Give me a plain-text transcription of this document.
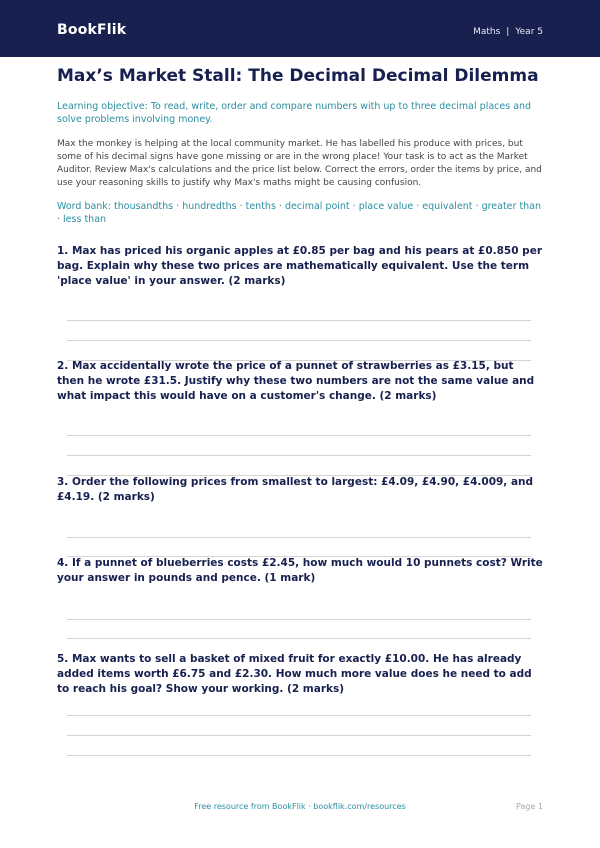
BookFlik	Maths | Year 5
Max’s Market Stall: The Decimal Decimal Dilemma
Learning objective: To read, write, order and compare numbers with up to three decimal places and solve problems involving money.
Max the monkey is helping at the local community market. He has labelled his produce with prices, but some of his decimal signs have gone missing or are in the wrong place! Your task is to act as the Market Auditor. Review Max's calculations and the price list below. Correct the errors, order the items by price, and use your reasoning skills to justify why Max's maths might be causing confusion.
Word bank: thousandths · hundredths · tenths · decimal point · place value · equivalent · greater than · less than
1. Max has priced his organic apples at £0.85 per bag and his pears at £0.850 per bag. Explain why these two prices are mathematically equivalent. Use the term 'place value' in your answer. (2 marks)
2. Max accidentally wrote the price of a punnet of strawberries as £3.15, but then he wrote £31.5. Justify why these two numbers are not the same value and what impact this would have on a customer's change. (2 marks)
3. Order the following prices from smallest to largest: £4.09, £4.90, £4.009, and £4.19. (2 marks)
4. If a punnet of blueberries costs £2.45, how much would 10 punnets cost? Write your answer in pounds and pence. (1 mark)
5. Max wants to sell a basket of mixed fruit for exactly £10.00. He has already added items worth £6.75 and £2.30. How much more value does he need to add to reach his goal? Show your working. (2 marks)
Free resource from BookFlik · bookflik.com/resources	Page 1
